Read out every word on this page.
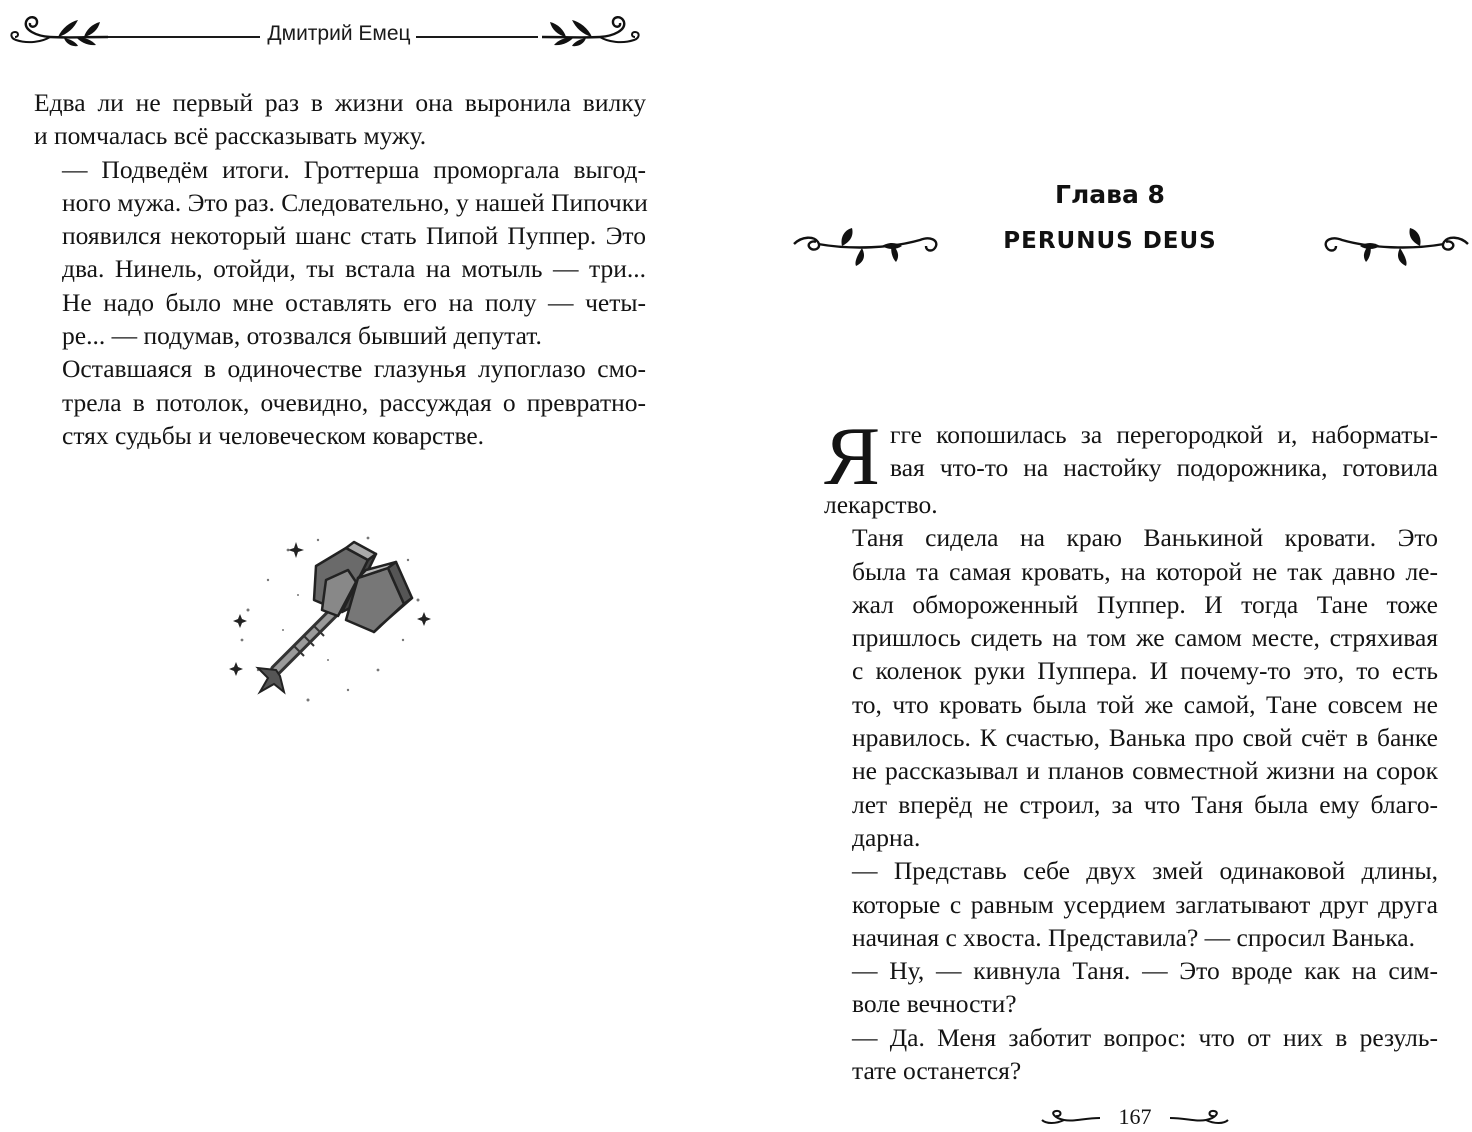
Дмитрий Емец

Едва ли не первый раз в жизни она выронила вилку
и помчалась всё рассказывать мужу.

— Подведём итоги. Гроттерша проморгала выгод-
ного мужа. Это раз. Следовательно, у нашей Пипочки
появился некоторый шанс стать Пипой Пуппер. Это
два. Нинель, отойди, ты встала на мотыль — три...
Не надо было мне оставлять его на полу — четы-
ре... — подумав, отозвался бывший депутат.

Оставшаяся в одиночестве глазунья лупоглазо смо-
трела в потолок, очевидно, рассуждая о превратно-
стях судьбы и человеческом коварстве.

Глава 8
PERUNUS DEUS

Я гге копошилась за перегородкой и, наборматы-
вая что-то на настойку подорожника, готовила
лекарство.

Таня сидела на краю Ванькиной кровати. Это
была та самая кровать, на которой не так давно ле-
жал обмороженный Пуппер. И тогда Тане тоже
пришлось сидеть на том же самом месте, стряхивая
с коленок руки Пуппера. И почему-то это, то есть
то, что кровать была той же самой, Тане совсем не
нравилось. К счастью, Ванька про свой счёт в банке
не рассказывал и планов совместной жизни на сорок
лет вперёд не строил, за что Таня была ему благо-
дарна.

— Представь себе двух змей одинаковой длины,
которые с равным усердием заглатывают друг друга
начиная с хвоста. Представила? — спросил Ванька.

— Ну, — кивнула Таня. — Это вроде как на сим-
воле вечности?

— Да. Меня заботит вопрос: что от них в резуль-
тате останется?

167
